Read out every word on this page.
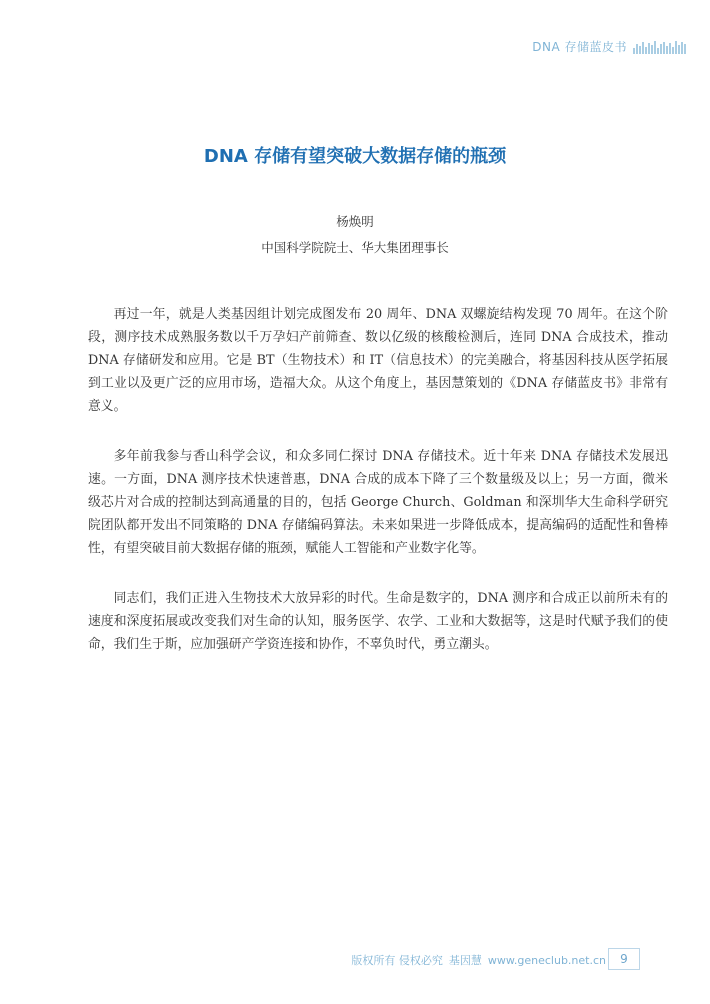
DNA 存储蓝皮书
DNA 存储有望突破大数据存储的瓶颈
杨焕明
中国科学院院士、华大集团理事长

再过一年，就是人类基因组计划完成图发布 20 周年、DNA 双螺旋结构发现 70 周年。在这个阶段，测序技术成熟服务数以千万孕妇产前筛查、数以亿级的核酸检测后，连同 DNA 合成技术，推动 DNA 存储研发和应用。它是 BT（生物技术）和 IT（信息技术）的完美融合，将基因科技从医学拓展到工业以及更广泛的应用市场，造福大众。从这个角度上，基因慧策划的《DNA 存储蓝皮书》非常有意义。

多年前我参与香山科学会议，和众多同仁探讨 DNA 存储技术。近十年来 DNA 存储技术发展迅速。一方面，DNA 测序技术快速普惠，DNA 合成的成本下降了三个数量级及以上；另一方面，微米级芯片对合成的控制达到高通量的目的，包括 George Church、Goldman 和深圳华大生命科学研究院团队都开发出不同策略的 DNA 存储编码算法。未来如果进一步降低成本，提高编码的适配性和鲁棒性，有望突破目前大数据存储的瓶颈，赋能人工智能和产业数字化等。

同志们，我们正进入生物技术大放异彩的时代。生命是数字的，DNA 测序和合成正以前所未有的速度和深度拓展或改变我们对生命的认知，服务医学、农学、工业和大数据等，这是时代赋予我们的使命，我们生于斯，应加强研产学资连接和协作，不辜负时代，勇立潮头。

版权所有 侵权必究 基因慧 www.geneclub.net.cn	9
